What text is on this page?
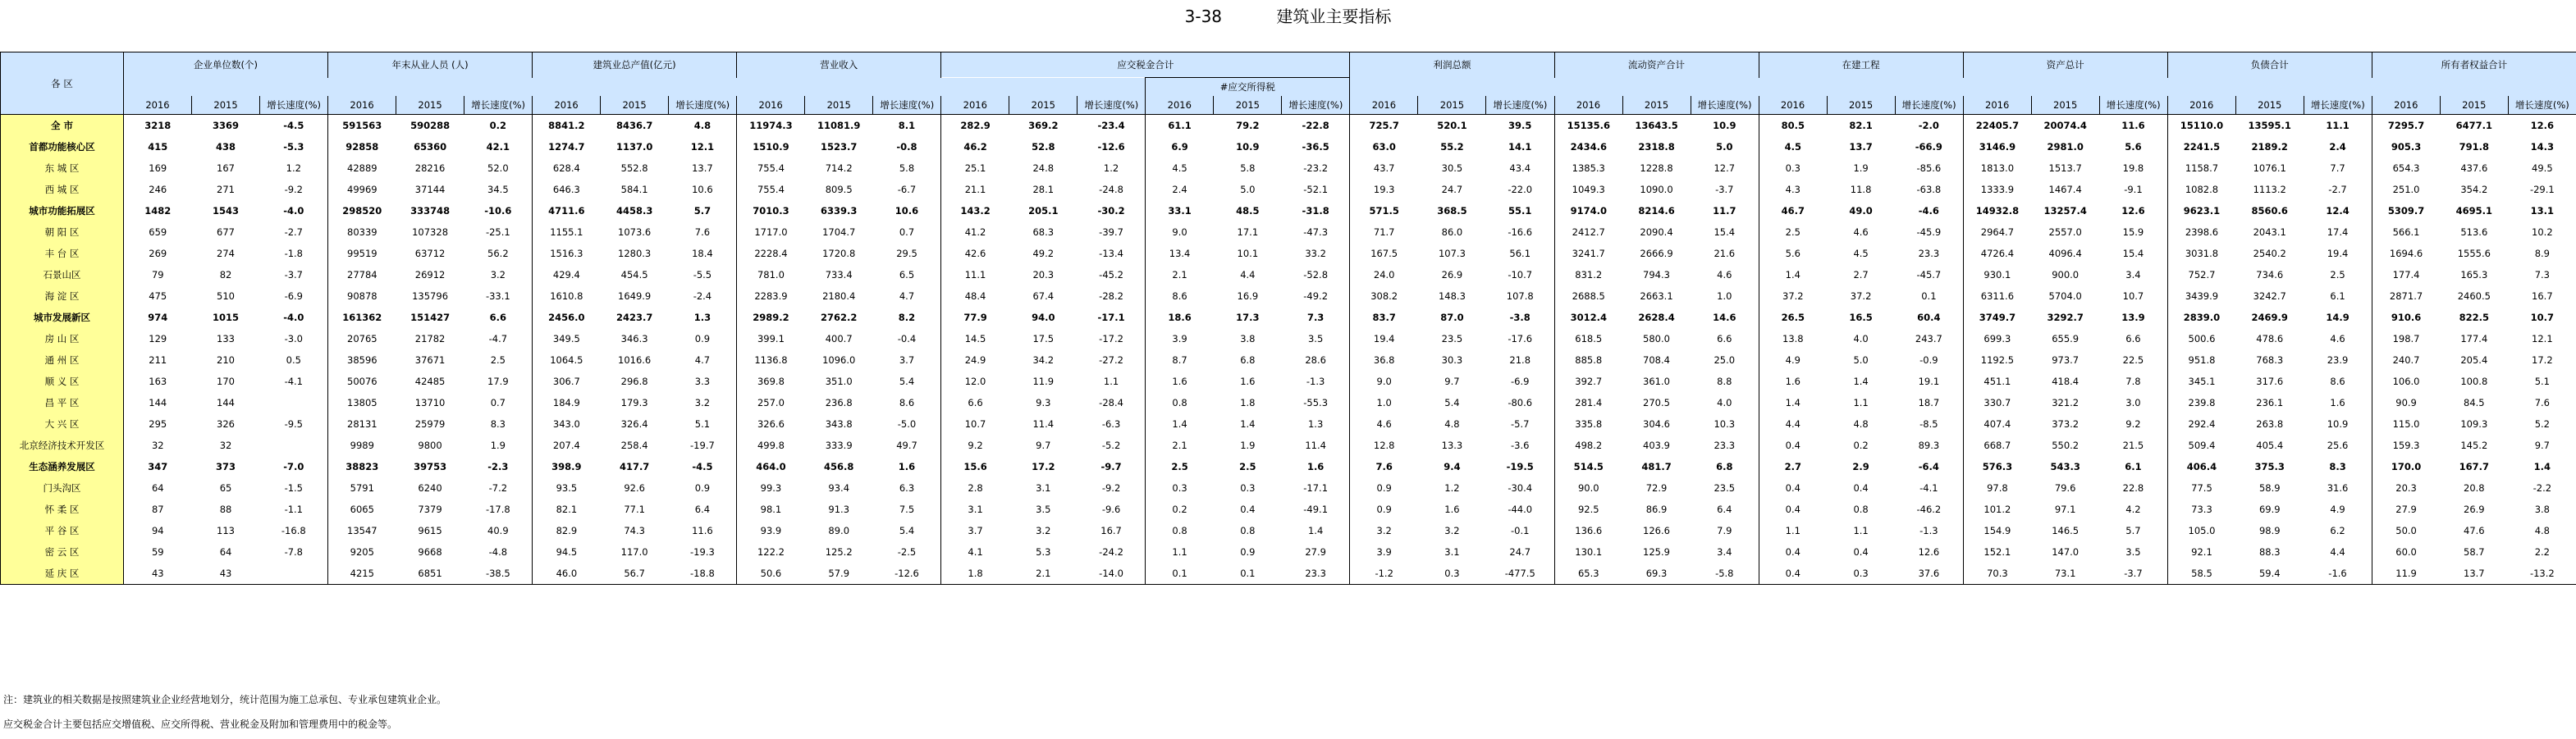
3-38	建筑业主要指标
各 区	企业单位数(个)			年末从业人员 (人)			建筑业总产值(亿元)			营业收入			应交税金合计						利润总额			流动资产合计			在建工程			资产总计			负债合计			所有者权益合计		
																#应交所得税																				
	2016	2015	增长速度(%)	2016	2015	增长速度(%)	2016	2015	增长速度(%)	2016	2015	增长速度(%)	2016	2015	增长速度(%)	2016	2015	增长速度(%)	2016	2015	增长速度(%)	2016	2015	增长速度(%)	2016	2015	增长速度(%)	2016	2015	增长速度(%)	2016	2015	增长速度(%)	2016	2015	增长速度(%)
全 市	3218	3369	-4.5	591563	590288	0.2	8841.2	8436.7	4.8	11974.3	11081.9	8.1	282.9	369.2	-23.4	61.1	79.2	-22.8	725.7	520.1	39.5	15135.6	13643.5	10.9	80.5	82.1	-2.0	22405.7	20074.4	11.6	15110.0	13595.1	11.1	7295.7	6477.1	12.6
首都功能核心区	415	438	-5.3	92858	65360	42.1	1274.7	1137.0	12.1	1510.9	1523.7	-0.8	46.2	52.8	-12.6	6.9	10.9	-36.5	63.0	55.2	14.1	2434.6	2318.8	5.0	4.5	13.7	-66.9	3146.9	2981.0	5.6	2241.5	2189.2	2.4	905.3	791.8	14.3
东 城 区	169	167	1.2	42889	28216	52.0	628.4	552.8	13.7	755.4	714.2	5.8	25.1	24.8	1.2	4.5	5.8	-23.2	43.7	30.5	43.4	1385.3	1228.8	12.7	0.3	1.9	-85.6	1813.0	1513.7	19.8	1158.7	1076.1	7.7	654.3	437.6	49.5
西 城 区	246	271	-9.2	49969	37144	34.5	646.3	584.1	10.6	755.4	809.5	-6.7	21.1	28.1	-24.8	2.4	5.0	-52.1	19.3	24.7	-22.0	1049.3	1090.0	-3.7	4.3	11.8	-63.8	1333.9	1467.4	-9.1	1082.8	1113.2	-2.7	251.0	354.2	-29.1
城市功能拓展区	1482	1543	-4.0	298520	333748	-10.6	4711.6	4458.3	5.7	7010.3	6339.3	10.6	143.2	205.1	-30.2	33.1	48.5	-31.8	571.5	368.5	55.1	9174.0	8214.6	11.7	46.7	49.0	-4.6	14932.8	13257.4	12.6	9623.1	8560.6	12.4	5309.7	4695.1	13.1
朝 阳 区	659	677	-2.7	80339	107328	-25.1	1155.1	1073.6	7.6	1717.0	1704.7	0.7	41.2	68.3	-39.7	9.0	17.1	-47.3	71.7	86.0	-16.6	2412.7	2090.4	15.4	2.5	4.6	-45.9	2964.7	2557.0	15.9	2398.6	2043.1	17.4	566.1	513.6	10.2
丰 台 区	269	274	-1.8	99519	63712	56.2	1516.3	1280.3	18.4	2228.4	1720.8	29.5	42.6	49.2	-13.4	13.4	10.1	33.2	167.5	107.3	56.1	3241.7	2666.9	21.6	5.6	4.5	23.3	4726.4	4096.4	15.4	3031.8	2540.2	19.4	1694.6	1555.6	8.9
石景山区	79	82	-3.7	27784	26912	3.2	429.4	454.5	-5.5	781.0	733.4	6.5	11.1	20.3	-45.2	2.1	4.4	-52.8	24.0	26.9	-10.7	831.2	794.3	4.6	1.4	2.7	-45.7	930.1	900.0	3.4	752.7	734.6	2.5	177.4	165.3	7.3
海 淀 区	475	510	-6.9	90878	135796	-33.1	1610.8	1649.9	-2.4	2283.9	2180.4	4.7	48.4	67.4	-28.2	8.6	16.9	-49.2	308.2	148.3	107.8	2688.5	2663.1	1.0	37.2	37.2	0.1	6311.6	5704.0	10.7	3439.9	3242.7	6.1	2871.7	2460.5	16.7
城市发展新区	974	1015	-4.0	161362	151427	6.6	2456.0	2423.7	1.3	2989.2	2762.2	8.2	77.9	94.0	-17.1	18.6	17.3	7.3	83.7	87.0	-3.8	3012.4	2628.4	14.6	26.5	16.5	60.4	3749.7	3292.7	13.9	2839.0	2469.9	14.9	910.6	822.5	10.7
房 山 区	129	133	-3.0	20765	21782	-4.7	349.5	346.3	0.9	399.1	400.7	-0.4	14.5	17.5	-17.2	3.9	3.8	3.5	19.4	23.5	-17.6	618.5	580.0	6.6	13.8	4.0	243.7	699.3	655.9	6.6	500.6	478.6	4.6	198.7	177.4	12.1
通 州 区	211	210	0.5	38596	37671	2.5	1064.5	1016.6	4.7	1136.8	1096.0	3.7	24.9	34.2	-27.2	8.7	6.8	28.6	36.8	30.3	21.8	885.8	708.4	25.0	4.9	5.0	-0.9	1192.5	973.7	22.5	951.8	768.3	23.9	240.7	205.4	17.2
顺 义 区	163	170	-4.1	50076	42485	17.9	306.7	296.8	3.3	369.8	351.0	5.4	12.0	11.9	1.1	1.6	1.6	-1.3	9.0	9.7	-6.9	392.7	361.0	8.8	1.6	1.4	19.1	451.1	418.4	7.8	345.1	317.6	8.6	106.0	100.8	5.1
昌 平 区	144	144		13805	13710	0.7	184.9	179.3	3.2	257.0	236.8	8.6	6.6	9.3	-28.4	0.8	1.8	-55.3	1.0	5.4	-80.6	281.4	270.5	4.0	1.4	1.1	18.7	330.7	321.2	3.0	239.8	236.1	1.6	90.9	84.5	7.6
大 兴 区	295	326	-9.5	28131	25979	8.3	343.0	326.4	5.1	326.6	343.8	-5.0	10.7	11.4	-6.3	1.4	1.4	1.3	4.6	4.8	-5.7	335.8	304.6	10.3	4.4	4.8	-8.5	407.4	373.2	9.2	292.4	263.8	10.9	115.0	109.3	5.2
北京经济技术开发区	32	32		9989	9800	1.9	207.4	258.4	-19.7	499.8	333.9	49.7	9.2	9.7	-5.2	2.1	1.9	11.4	12.8	13.3	-3.6	498.2	403.9	23.3	0.4	0.2	89.3	668.7	550.2	21.5	509.4	405.4	25.6	159.3	145.2	9.7
生态涵养发展区	347	373	-7.0	38823	39753	-2.3	398.9	417.7	-4.5	464.0	456.8	1.6	15.6	17.2	-9.7	2.5	2.5	1.6	7.6	9.4	-19.5	514.5	481.7	6.8	2.7	2.9	-6.4	576.3	543.3	6.1	406.4	375.3	8.3	170.0	167.7	1.4
门头沟区	64	65	-1.5	5791	6240	-7.2	93.5	92.6	0.9	99.3	93.4	6.3	2.8	3.1	-9.2	0.3	0.3	-17.1	0.9	1.2	-30.4	90.0	72.9	23.5	0.4	0.4	-4.1	97.8	79.6	22.8	77.5	58.9	31.6	20.3	20.8	-2.2
怀 柔 区	87	88	-1.1	6065	7379	-17.8	82.1	77.1	6.4	98.1	91.3	7.5	3.1	3.5	-9.6	0.2	0.4	-49.1	0.9	1.6	-44.0	92.5	86.9	6.4	0.4	0.8	-46.2	101.2	97.1	4.2	73.3	69.9	4.9	27.9	26.9	3.8
平 谷 区	94	113	-16.8	13547	9615	40.9	82.9	74.3	11.6	93.9	89.0	5.4	3.7	3.2	16.7	0.8	0.8	1.4	3.2	3.2	-0.1	136.6	126.6	7.9	1.1	1.1	-1.3	154.9	146.5	5.7	105.0	98.9	6.2	50.0	47.6	4.8
密 云 区	59	64	-7.8	9205	9668	-4.8	94.5	117.0	-19.3	122.2	125.2	-2.5	4.1	5.3	-24.2	1.1	0.9	27.9	3.9	3.1	24.7	130.1	125.9	3.4	0.4	0.4	12.6	152.1	147.0	3.5	92.1	88.3	4.4	60.0	58.7	2.2
延 庆 区	43	43		4215	6851	-38.5	46.0	56.7	-18.8	50.6	57.9	-12.6	1.8	2.1	-14.0	0.1	0.1	23.3	-1.2	0.3	-477.5	65.3	69.3	-5.8	0.4	0.3	37.6	70.3	73.1	-3.7	58.5	59.4	-1.6	11.9	13.7	-13.2
注：建筑业的相关数据是按照建筑业企业经营地划分，统计范围为施工总承包、专业承包建筑业企业。
应交税金合计主要包括应交增值税、应交所得税、营业税金及附加和管理费用中的税金等。
